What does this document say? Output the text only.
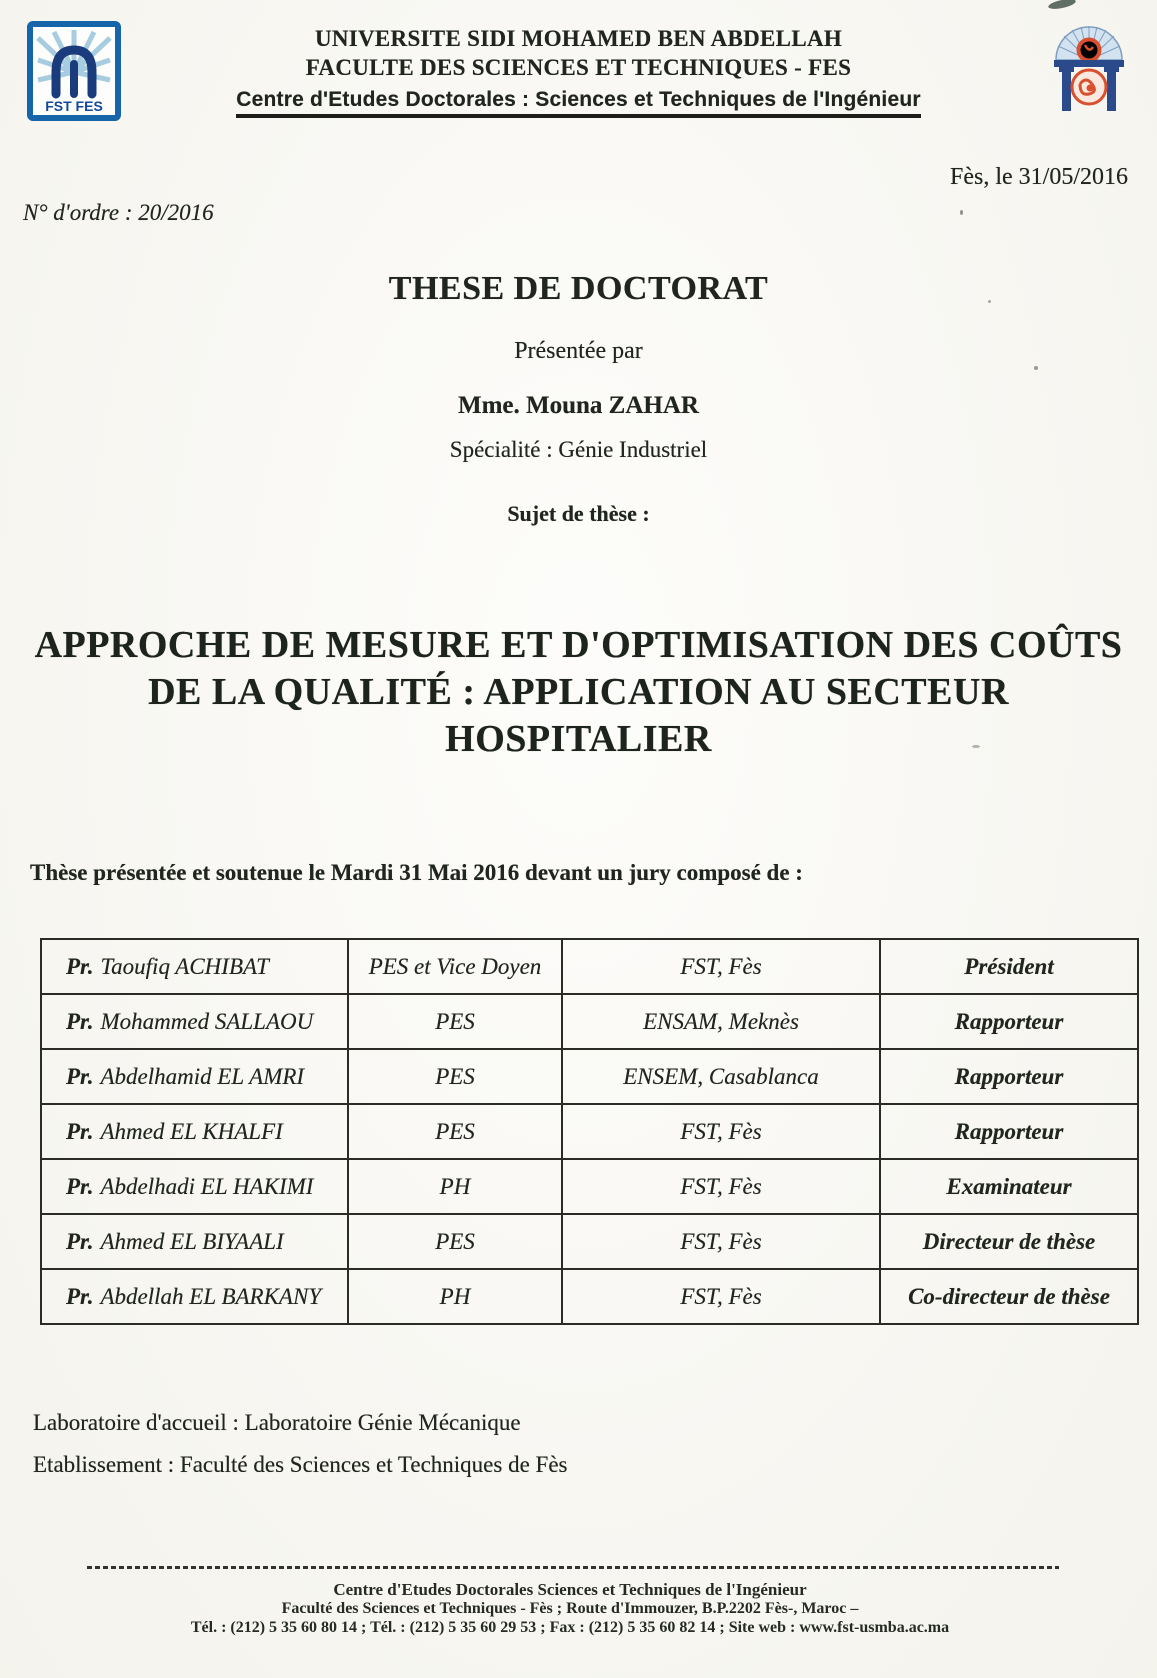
FST FES
UNIVERSITE SIDI MOHAMED BEN ABDELLAH
FACULTE DES SCIENCES ET TECHNIQUES - FES
Centre d'Etudes Doctorales : Sciences et Techniques de l'Ingénieur
Fès, le 31/05/2016
N° d'ordre : 20/2016
THESE DE DOCTORAT
Présentée par
Mme. Mouna ZAHAR
Spécialité : Génie Industriel
Sujet de thèse :
APPROCHE DE MESURE ET D'OPTIMISATION DES COÛTS
DE LA QUALITÉ : APPLICATION AU SECTEUR
HOSPITALIER
Thèse présentée et soutenue le Mardi 31 Mai 2016 devant un jury composé de :
Pr. Taoufiq ACHIBAT	PES et Vice Doyen	FST, Fès	Président
Pr. Mohammed SALLAOU	PES	ENSAM, Meknès	Rapporteur
Pr. Abdelhamid EL AMRI	PES	ENSEM, Casablanca	Rapporteur
Pr. Ahmed EL KHALFI	PES	FST, Fès	Rapporteur
Pr. Abdelhadi EL HAKIMI	PH	FST, Fès	Examinateur
Pr. Ahmed EL BIYAALI	PES	FST, Fès	Directeur de thèse
Pr. Abdellah EL BARKANY	PH	FST, Fès	Co-directeur de thèse
Laboratoire d'accueil : Laboratoire Génie Mécanique
Etablissement : Faculté des Sciences et Techniques de Fès
Centre d'Etudes Doctorales Sciences et Techniques de l'Ingénieur
Faculté des Sciences et Techniques - Fès ; Route d'Immouzer, B.P.2202 Fès-, Maroc –
Tél. : (212) 5 35 60 80 14 ; Tél. : (212) 5 35 60 29 53 ; Fax : (212) 5 35 60 82 14 ; Site web : www.fst-usmba.ac.ma
